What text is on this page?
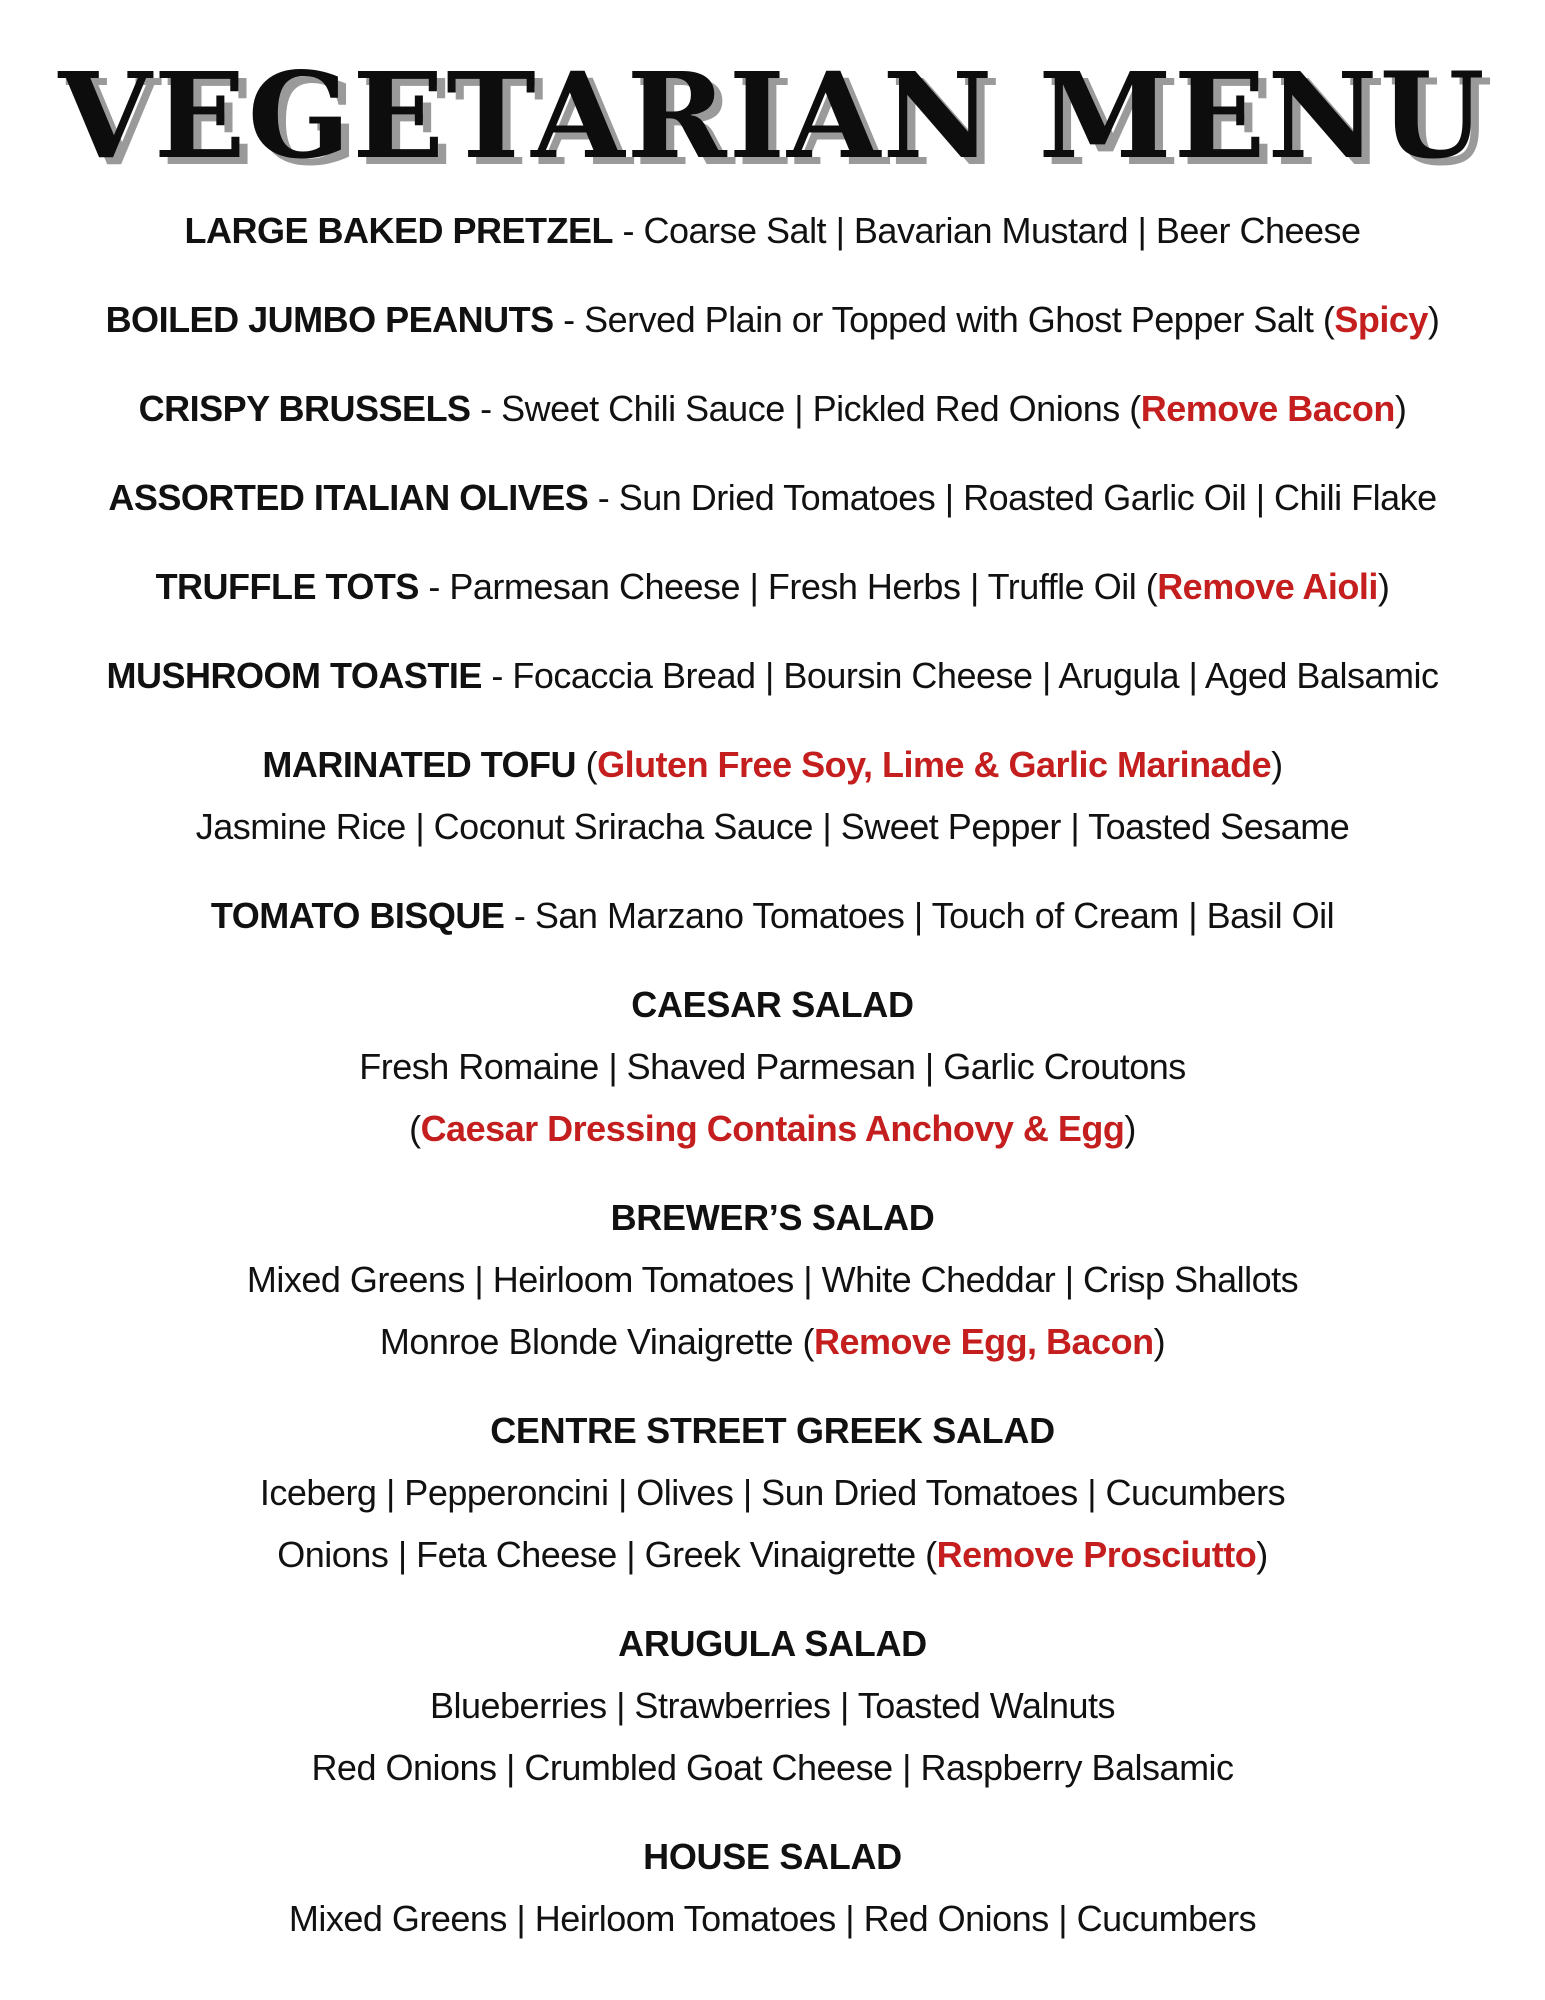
VEGETARIAN MENU
LARGE BAKED PRETZEL - Coarse Salt | Bavarian Mustard | Beer Cheese
BOILED JUMBO PEANUTS - Served Plain or Topped with Ghost Pepper Salt (Spicy)
CRISPY BRUSSELS - Sweet Chili Sauce | Pickled Red Onions (Remove Bacon)
ASSORTED ITALIAN OLIVES - Sun Dried Tomatoes | Roasted Garlic Oil | Chili Flake
TRUFFLE TOTS - Parmesan Cheese | Fresh Herbs | Truffle Oil (Remove Aioli)
MUSHROOM TOASTIE - Focaccia Bread | Boursin Cheese | Arugula | Aged Balsamic
MARINATED TOFU (Gluten Free Soy, Lime & Garlic Marinade)
Jasmine Rice | Coconut Sriracha Sauce | Sweet Pepper | Toasted Sesame
TOMATO BISQUE - San Marzano Tomatoes | Touch of Cream | Basil Oil
CAESAR SALAD
Fresh Romaine | Shaved Parmesan | Garlic Croutons
(Caesar Dressing Contains Anchovy & Egg)
BREWER’S SALAD
Mixed Greens | Heirloom Tomatoes | White Cheddar | Crisp Shallots
Monroe Blonde Vinaigrette (Remove Egg, Bacon)
CENTRE STREET GREEK SALAD
Iceberg | Pepperoncini | Olives | Sun Dried Tomatoes | Cucumbers
Onions | Feta Cheese | Greek Vinaigrette (Remove Prosciutto)
ARUGULA SALAD
Blueberries | Strawberries | Toasted Walnuts
Red Onions | Crumbled Goat Cheese | Raspberry Balsamic
HOUSE SALAD
Mixed Greens | Heirloom Tomatoes | Red Onions | Cucumbers
